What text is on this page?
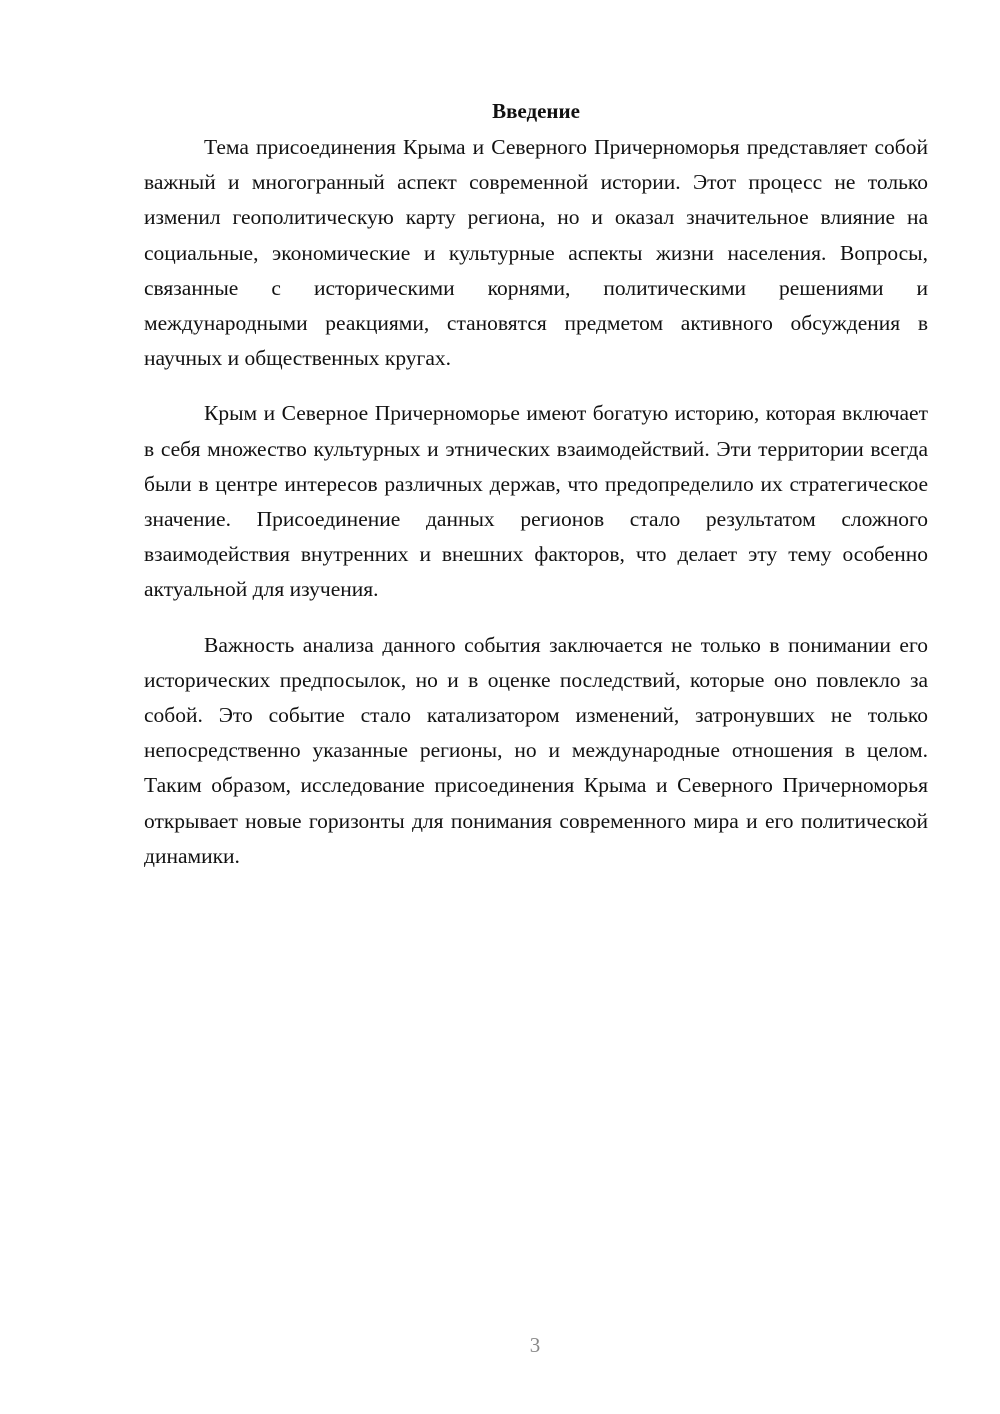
Введение

Тема присоединения Крыма и Северного Причерноморья представляет собой важный и многогранный аспект современной истории. Этот процесс не только изменил геополитическую карту региона, но и оказал значительное влияние на социальные, экономические и культурные аспекты жизни населения. Вопросы, связанные с историческими корнями, политическими решениями и международными реакциями, становятся предметом активного обсуждения в научных и общественных кругах.

Крым и Северное Причерноморье имеют богатую историю, которая включает в себя множество культурных и этнических взаимодействий. Эти территории всегда были в центре интересов различных держав, что предопределило их стратегическое значение. Присоединение данных регионов стало результатом сложного взаимодействия внутренних и внешних факторов, что делает эту тему особенно актуальной для изучения.

Важность анализа данного события заключается не только в понимании его исторических предпосылок, но и в оценке последствий, которые оно повлекло за собой. Это событие стало катализатором изменений, затронувших не только непосредственно указанные регионы, но и международные отношения в целом. Таким образом, исследование присоединения Крыма и Северного Причерноморья открывает новые горизонты для понимания современного мира и его политической динамики.

3
